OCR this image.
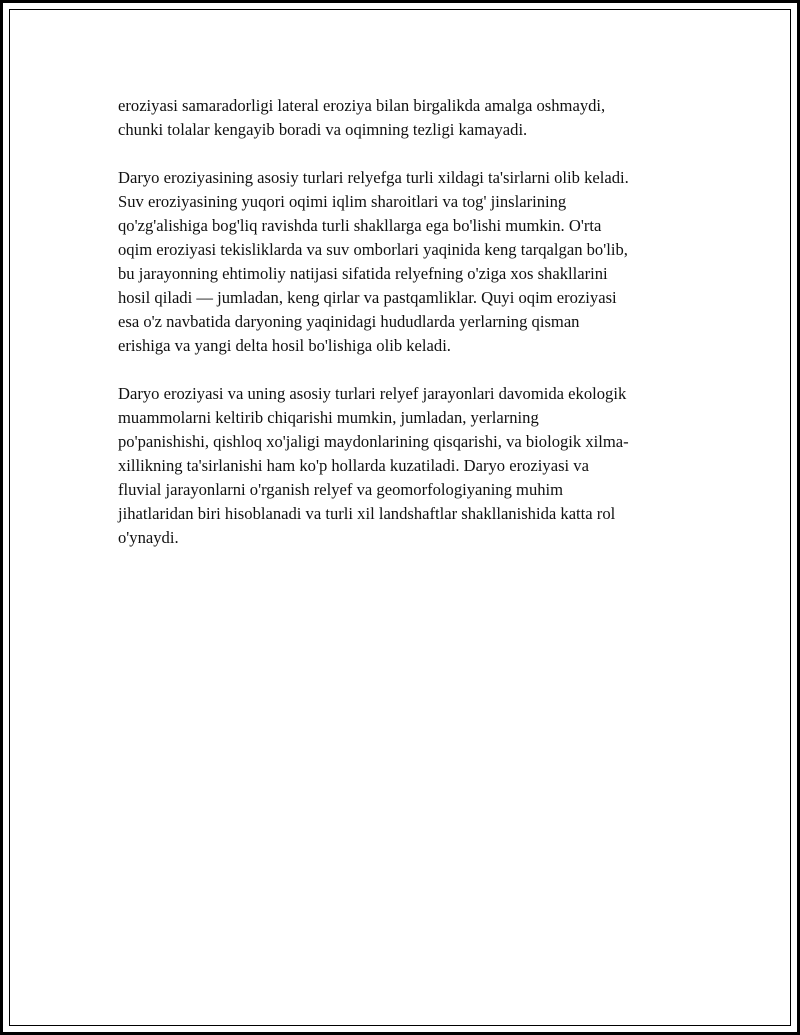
eroziyasi samaradorligi lateral eroziya bilan birgalikda amalga oshmaydi,
chunki tolalar kengayib boradi va oqimning tezligi kamayadi.

Daryo eroziyasining asosiy turlari relyefga turli xildagi ta'sirlarni olib keladi.
Suv eroziyasining yuqori oqimi iqlim sharoitlari va tog' jinslarining
qo'zg'alishiga bog'liq ravishda turli shakllarga ega bo'lishi mumkin. O'rta
oqim eroziyasi tekisliklarda va suv omborlari yaqinida keng tarqalgan bo'lib,
bu jarayonning ehtimoliy natijasi sifatida relyefning o'ziga xos shakllarini
hosil qiladi — jumladan, keng qirlar va pastqamliklar. Quyi oqim eroziyasi
esa o'z navbatida daryoning yaqinidagi hududlarda yerlarning qisman
erishiga va yangi delta hosil bo'lishiga olib keladi.

Daryo eroziyasi va uning asosiy turlari relyef jarayonlari davomida ekologik
muammolarni keltirib chiqarishi mumkin, jumladan, yerlarning
po'panishishi, qishloq xo'jaligi maydonlarining qisqarishi, va biologik xilma-
xillikning ta'sirlanishi ham ko'p hollarda kuzatiladi. Daryo eroziyasi va
fluvial jarayonlarni o'rganish relyef va geomorfologiyaning muhim
jihatlaridan biri hisoblanadi va turli xil landshaftlar shakllanishida katta rol
o'ynaydi.
